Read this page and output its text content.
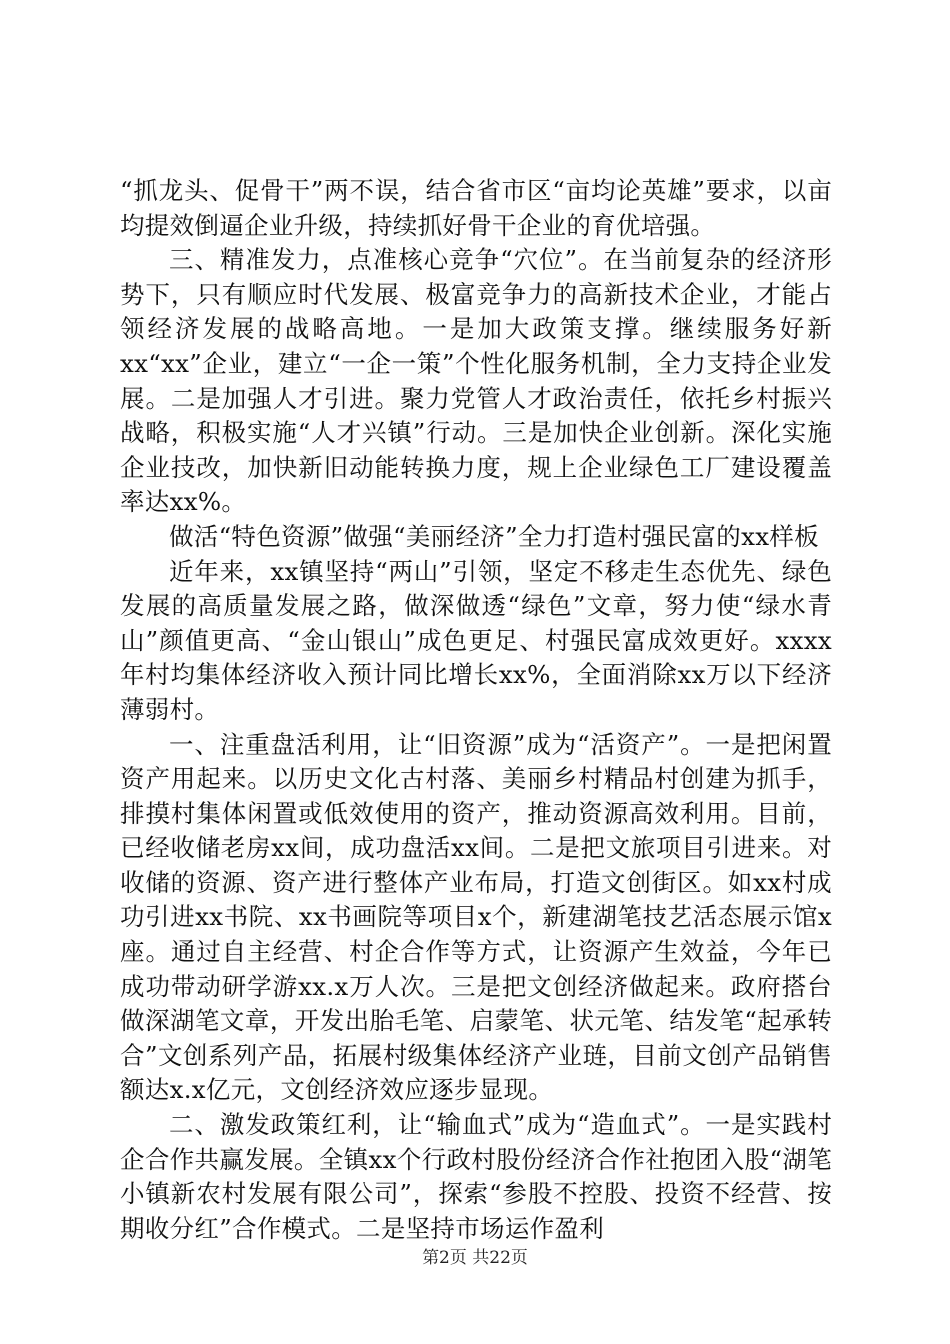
“抓龙头、促骨干”两不误，结合省市区“亩均论英雄”要求，以亩均提效倒逼企业升级，持续抓好骨干企业的育优培强。

三、精准发力，点准核心竞争“穴位”。在当前复杂的经济形势下，只有顺应时代发展、极富竞争力的高新技术企业，才能占领经济发展的战略高地。一是加大政策支撑。继续服务好新xx“xx”企业，建立“一企一策”个性化服务机制，全力支持企业发展。二是加强人才引进。聚力党管人才政治责任，依托乡村振兴战略，积极实施“人才兴镇”行动。三是加快企业创新。深化实施企业技改，加快新旧动能转换力度，规上企业绿色工厂建设覆盖率达xx%。

做活“特色资源”做强“美丽经济”全力打造村强民富的xx样板

近年来，xx镇坚持“两山”引领，坚定不移走生态优先、绿色发展的高质量发展之路，做深做透“绿色”文章，努力使“绿水青山”颜值更高、“金山银山”成色更足、村强民富成效更好。xxxx年村均集体经济收入预计同比增长xx%，全面消除xx万以下经济薄弱村。

一、注重盘活利用，让“旧资源”成为“活资产”。一是把闲置资产用起来。以历史文化古村落、美丽乡村精品村创建为抓手，排摸村集体闲置或低效使用的资产，推动资源高效利用。目前，已经收储老房xx间，成功盘活xx间。二是把文旅项目引进来。对收储的资源、资产进行整体产业布局，打造文创街区。如xx村成功引进xx书院、xx书画院等项目x个，新建湖笔技艺活态展示馆x座。通过自主经营、村企合作等方式，让资源产生效益，今年已成功带动研学游xx.x万人次。三是把文创经济做起来。政府搭台做深湖笔文章，开发出胎毛笔、启蒙笔、状元笔、结发笔“起承转合”文创系列产品，拓展村级集体经济产业琏，目前文创产品销售额达x.x亿元，文创经济效应逐步显现。

二、激发政策红利，让“输血式”成为“造血式”。一是实践村企合作共赢发展。全镇xx个行政村股份经济合作社抱团入股“湖笔小镇新农村发展有限公司”，探索“参股不控股、投资不经营、按期收分红”合作模式。二是坚持市场运作盈利

第2页 共22页
